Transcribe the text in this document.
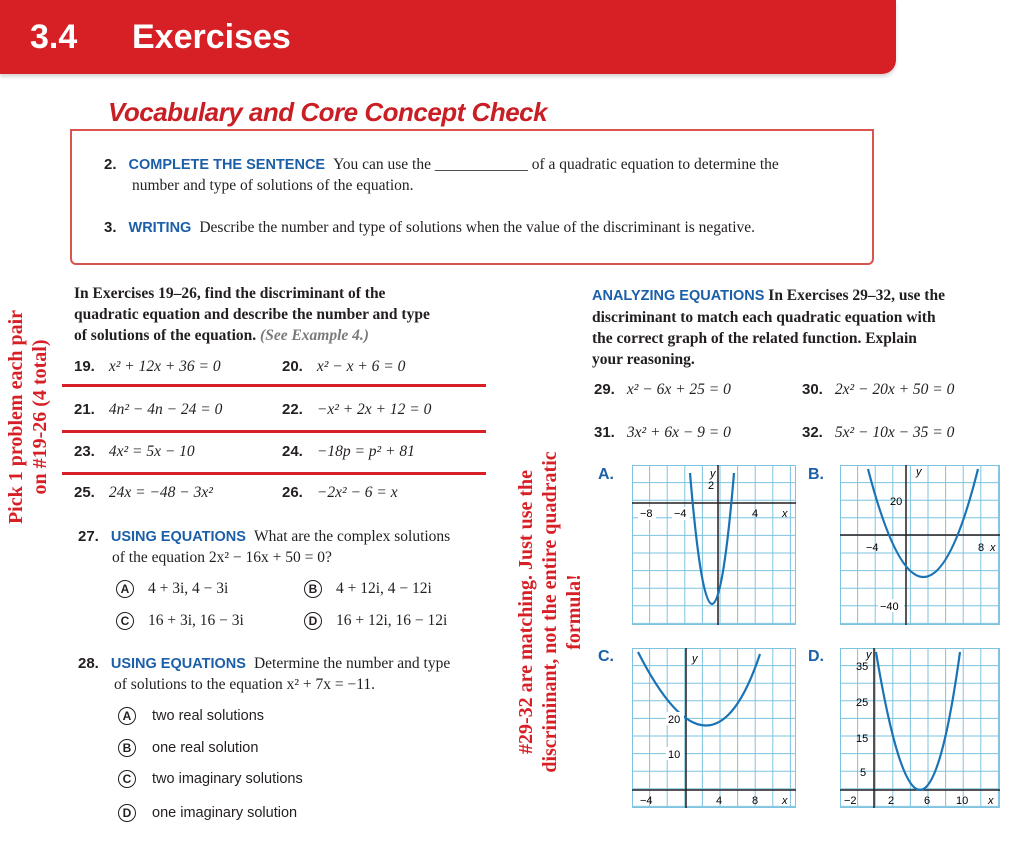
3.4 Exercises
Vocabulary and Core Concept Check
2. COMPLETE THE SENTENCE You can use the ____________ of a quadratic equation to determine the
number and type of solutions of the equation.
3. WRITING Describe the number and type of solutions when the value of the discriminant is negative.
Pick 1 problem each pair on #19-26 (4 total)
#29-32 are matching. Just use the discriminant, not the entire quadratic formula!
In Exercises 19–26, find the discriminant of the
quadratic equation and describe the number and type
of solutions of the equation. (See Example 4.)
19. x² + 12x + 36 = 0	20. x² − x + 6 = 0
21. 4n² − 4n − 24 = 0	22. −x² + 2x + 12 = 0
23. 4x² = 5x − 10	24. −18p = p² + 81
25. 24x = −48 − 3x²	26. −2x² − 6 = x
27. USING EQUATIONS What are the complex solutions
of the equation 2x² − 16x + 50 = 0?
A 4 + 3i, 4 − 3i	B 4 + 12i, 4 − 12i
C 16 + 3i, 16 − 3i	D 16 + 12i, 16 − 12i
28. USING EQUATIONS Determine the number and type
of solutions to the equation x² + 7x = −11.
A two real solutions
B one real solution
C two imaginary solutions
D one imaginary solution
ANALYZING EQUATIONS In Exercises 29–32, use the
discriminant to match each quadratic equation with
the correct graph of the related function. Explain
your reasoning.
29. x² − 6x + 25 = 0	30. 2x² − 20x + 50 = 0
31. 3x² + 6x − 9 = 0	32. 5x² − 10x − 35 = 0
A.	B.
C.	D.
−8 −4	4 x
y
2
−4	8 x
y
20
−40
−4	4	8 x
y
20
10
−2	2	6 10 x
y
35
25
15
5
